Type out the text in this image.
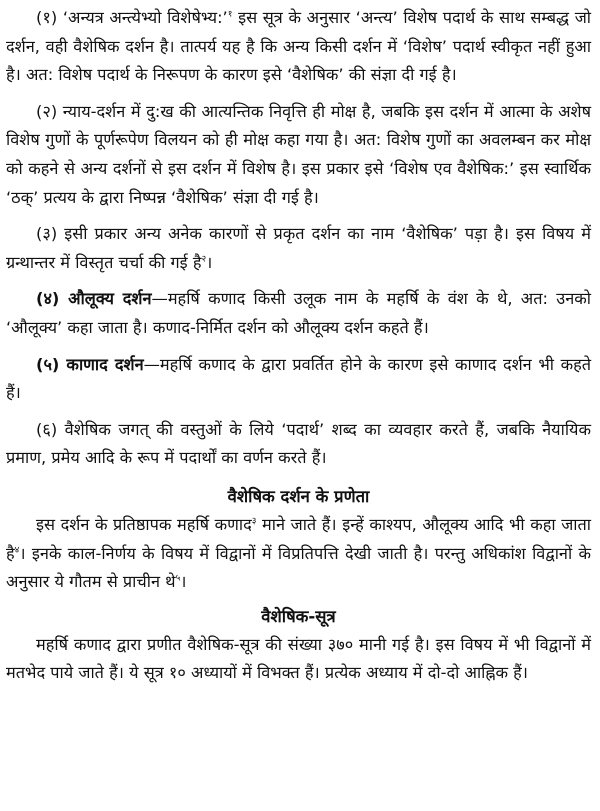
(१) ‘अन्यत्र अन्त्येभ्यो विशेषेभ्य:’$^१$ इस सूत्र के अनुसार ‘अन्त्य’ विशेष पदार्थ के साथ सम्बद्ध जो दर्शन, वही वैशेषिक दर्शन है। तात्पर्य यह है कि अन्य किसी दर्शन में ‘विशेष’ पदार्थ स्वीकृत नहीं हुआ है। अत: विशेष पदार्थ के निरूपण के कारण इसे ‘वैशेषिक’ की संज्ञा दी गई है।

(२) न्याय-दर्शन में दु:ख की आत्यन्तिक निवृत्ति ही मोक्ष है, जबकि इस दर्शन में आत्मा के अशेष विशेष गुणों के पूर्णरूपेण विलयन को ही मोक्ष कहा गया है। अत: विशेष गुणों का अवलम्बन कर मोक्ष को कहने से अन्य दर्शनों से इस दर्शन में विशेष है। इस प्रकार इसे ‘विशेष एव वैशेषिक:’ इस स्वार्थिक ‘ठक्’ प्रत्यय के द्वारा निष्पन्न ‘वैशेषिक’ संज्ञा दी गई है।

(३) इसी प्रकार अन्य अनेक कारणों से प्रकृत दर्शन का नाम ‘वैशेषिक’ पड़ा है। इस विषय में ग्रन्थान्तर में विस्तृत चर्चा की गई है$^२$।

(४) औलूक्य दर्शन—महर्षि कणाद किसी उलूक नाम के महर्षि के वंश के थे, अत: उनको ‘औलूक्य’ कहा जाता है। कणाद-निर्मित दर्शन को औलूक्य दर्शन कहते हैं।

(५) काणाद दर्शन—महर्षि कणाद के द्वारा प्रवर्तित होने के कारण इसे काणाद दर्शन भी कहते हैं।

(६) वैशेषिक जगत् की वस्तुओं के लिये ‘पदार्थ’ शब्द का व्यवहार करते हैं, जबकि नैयायिक प्रमाण, प्रमेय आदि के रूप में पदार्थों का वर्णन करते हैं।

वैशेषिक दर्शन के प्रणेता

इस दर्शन के प्रतिष्ठापक महर्षि कणाद$^३$ माने जाते हैं। इन्हें काश्यप, औलूक्य आदि भी कहा जाता है$^४$। इनके काल-निर्णय के विषय में विद्वानों में विप्रतिपत्ति देखी जाती है। परन्तु अधिकांश विद्वानों के अनुसार ये गौतम से प्राचीन थे$^५$।

वैशेषिक-सूत्र

महर्षि कणाद द्वारा प्रणीत वैशेषिक-सूत्र की संख्या ३७० मानी गई है। इस विषय में भी विद्वानों में मतभेद पाये जाते हैं। ये सूत्र १० अध्यायों में विभक्त हैं। प्रत्येक अध्याय में दो-दो आह्निक हैं।
